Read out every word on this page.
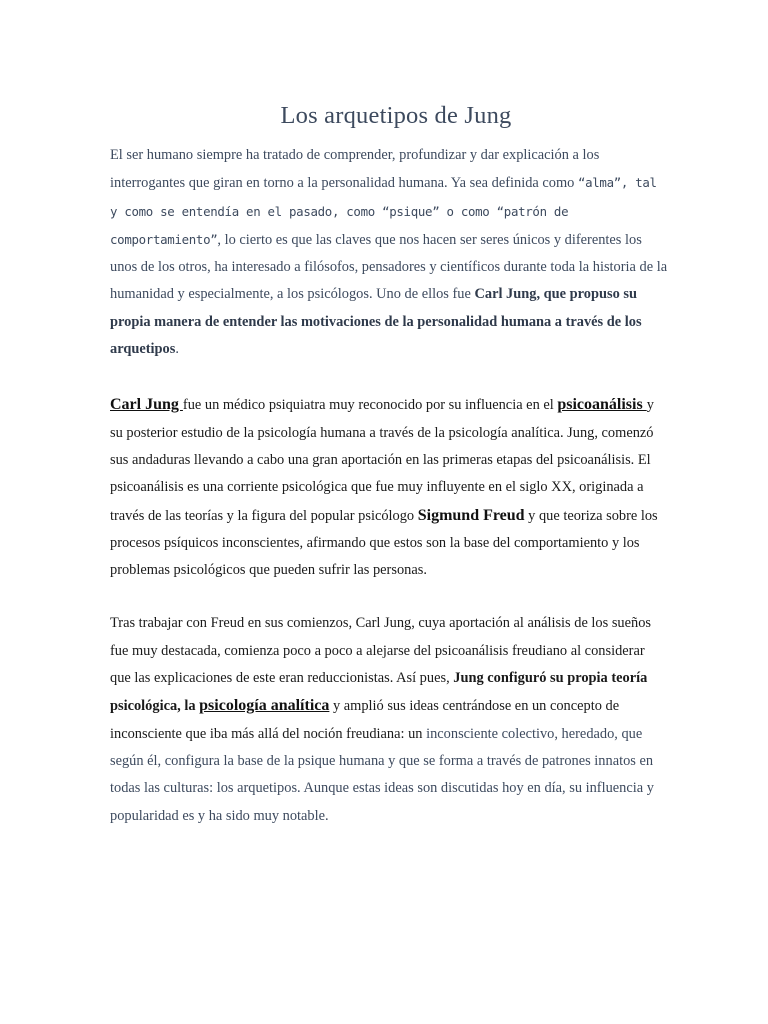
Los arquetipos de Jung

El ser humano siempre ha tratado de comprender, profundizar y dar explicación a los interrogantes que giran en torno a la personalidad humana. Ya sea definida como “alma”, tal y como se entendía en el pasado, como “psique” o como “patrón de comportamiento”, lo cierto es que las claves que nos hacen ser seres únicos y diferentes los unos de los otros, ha interesado a filósofos, pensadores y científicos durante toda la historia de la humanidad y especialmente, a los psicólogos. Uno de ellos fue Carl Jung, que propuso su propia manera de entender las motivaciones de la personalidad humana a través de los arquetipos.

Carl Jung fue un médico psiquiatra muy reconocido por su influencia en el psicoanálisis y su posterior estudio de la psicología humana a través de la psicología analítica. Jung, comenzó sus andaduras llevando a cabo una gran aportación en las primeras etapas del psicoanálisis. El psicoanálisis es una corriente psicológica que fue muy influyente en el siglo XX, originada a través de las teorías y la figura del popular psicólogo Sigmund Freud y que teoriza sobre los procesos psíquicos inconscientes, afirmando que estos son la base del comportamiento y los problemas psicológicos que pueden sufrir las personas.

Tras trabajar con Freud en sus comienzos, Carl Jung, cuya aportación al análisis de los sueños fue muy destacada, comienza poco a poco a alejarse del psicoanálisis freudiano al considerar que las explicaciones de este eran reduccionistas. Así pues, Jung configuró su propia teoría psicológica, la psicología analítica y amplió sus ideas centrándose en un concepto de inconsciente que iba más allá del noción freudiana: un inconsciente colectivo, heredado, que según él, configura la base de la psique humana y que se forma a través de patrones innatos en todas las culturas: los arquetipos. Aunque estas ideas son discutidas hoy en día, su influencia y popularidad es y ha sido muy notable.
